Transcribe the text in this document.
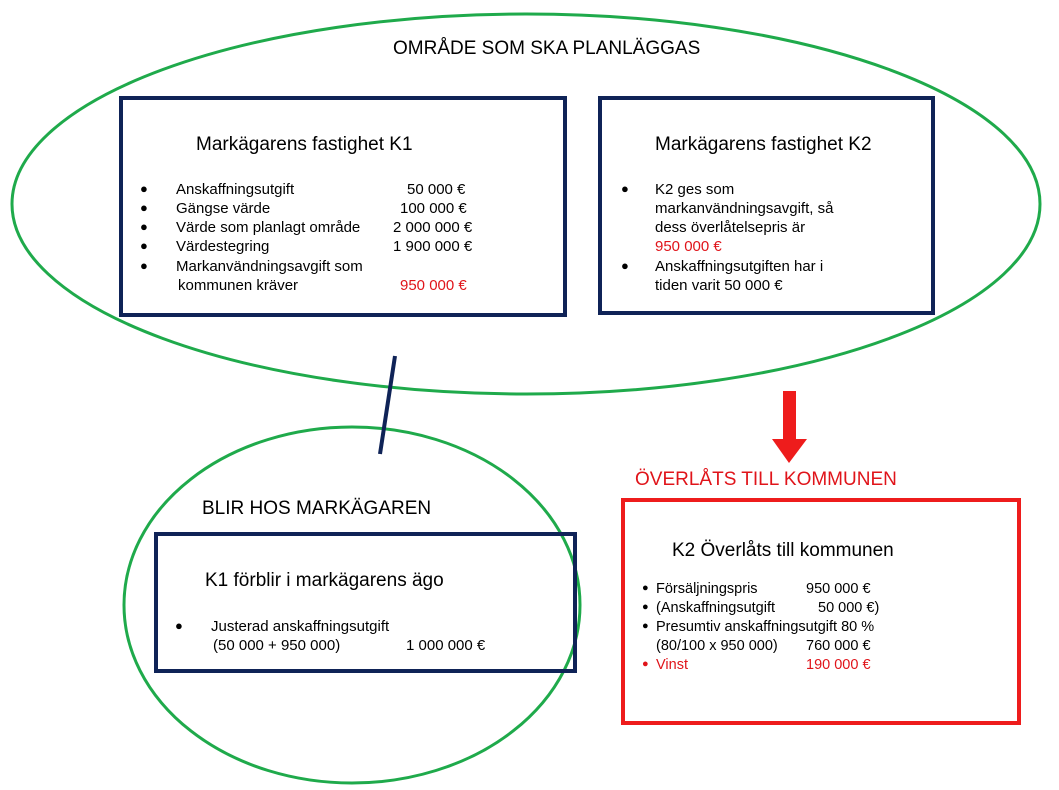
OMRÅDE SOM SKA PLANLÄGGAS
Markägarens fastighet K1
● Anskaffningsutgift	50 000 €
● Gängse värde	100 000 €
● Värde som planlagt område 2 000 000 €
● Värdestegring	1 900 000 €
● Markanvändningsavgift som
kommunen kräver	950 000 €
Markägarens fastighet K2
● K2 ges som
markanvändningsavgift, så
dess överlåtelsepris är
950 000 €
● Anskaffningsutgiften har i
tiden varit 50 000 €
BLIR HOS MARKÄGAREN
K1 förblir i markägarens ägo
● Justerad anskaffningsutgift
(50 000 + 950 000)	1 000 000 €
ÖVERLÅTS TILL KOMMUNEN
K2 Överlåts till kommunen
● Försäljningspris	950 000 €
● (Anskaffningsutgift	50 000 €)
● Presumtiv anskaffningsutgift 80 %
(80/100 x 950 000) 760 000 €
● Vinst	190 000 €
